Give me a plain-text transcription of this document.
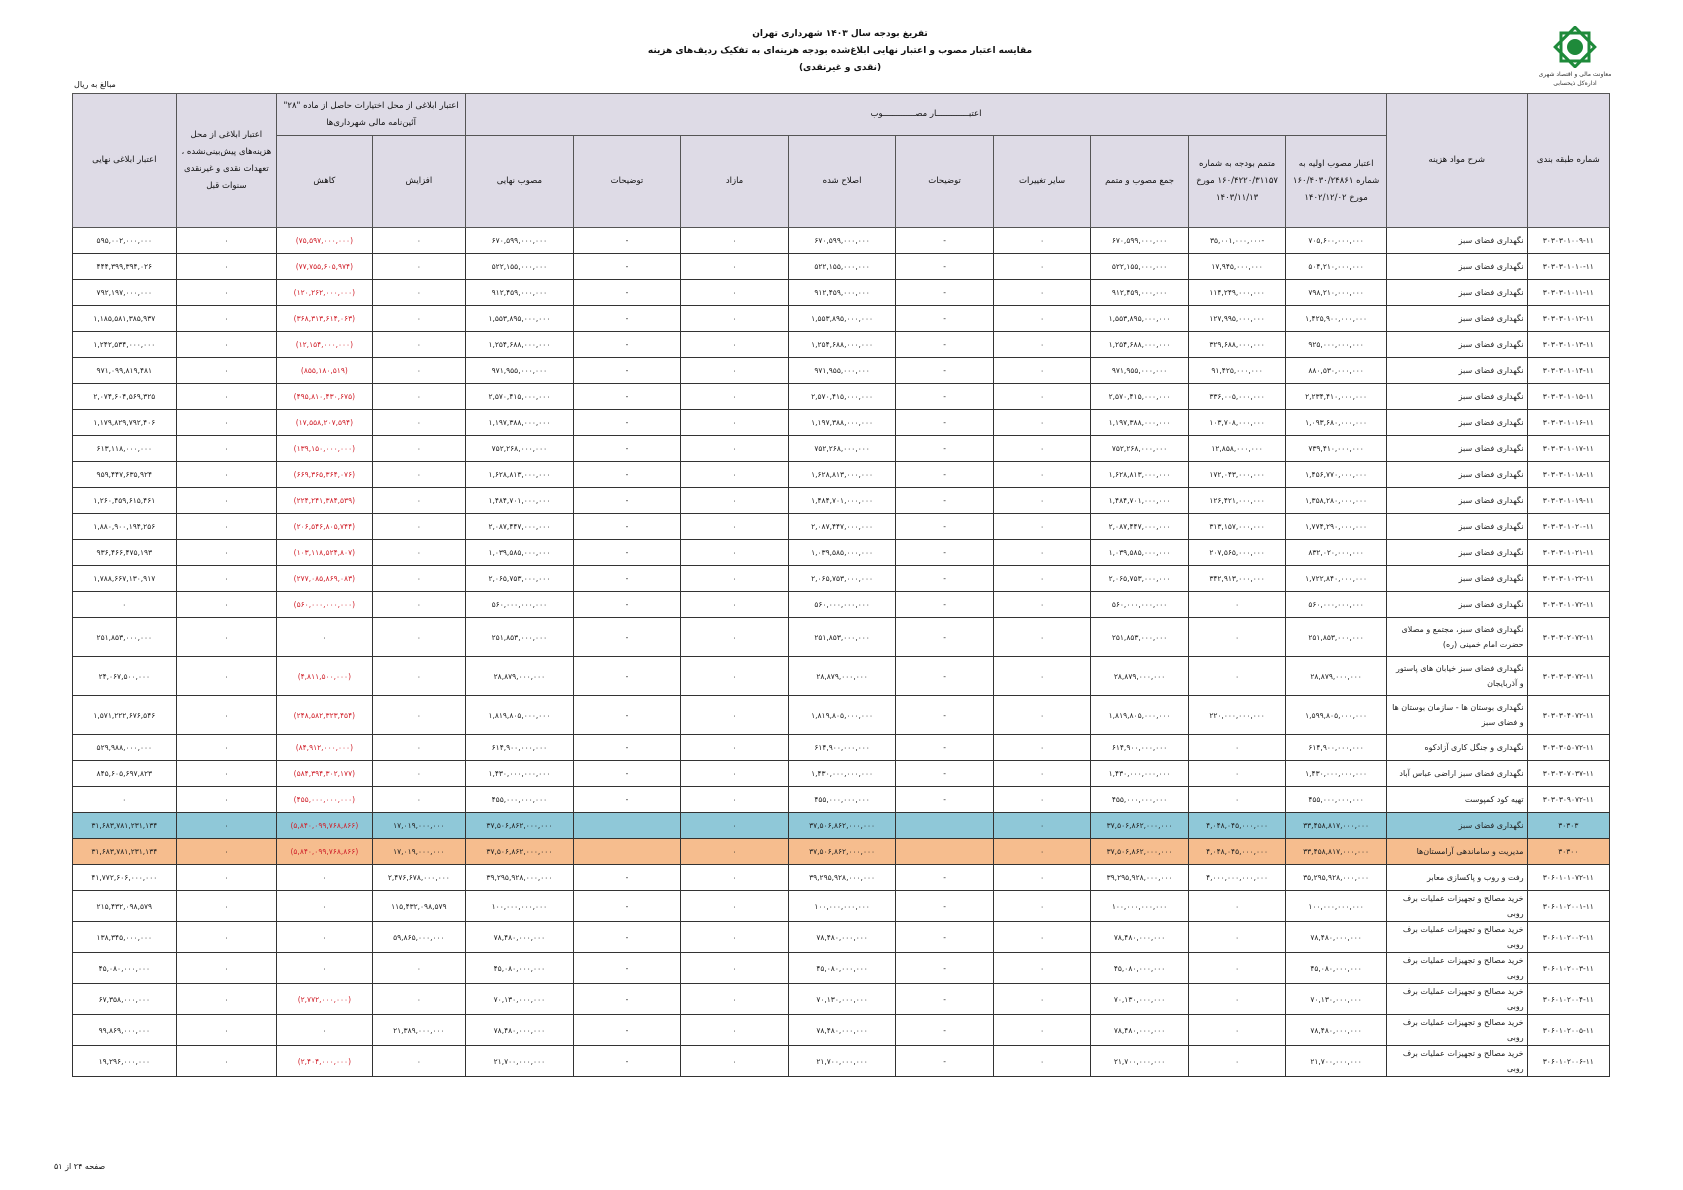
معاونت مالی و اقتصاد شهری
اداره‌کل ذیحسابی
تفریغ بودجه سال ۱۴۰۳ شهرداری تهران
مقایسه اعتبار مصوب و اعتبار نهایی ابلاغ‌شده بودجه هزینه‌ای به تفکیک ردیف‌های هزینه
(نقدی و غیرنقدی)
مبالغ به ریال
شماره طبقه بندی	شرح مواد هزینه	اعتبـــــــــــــار مصـــــــــــــوب									اعتبار ابلاغی از محل اختیارات حاصل از ماده "۲۸" آئین‌نامه مالی شهرداری‌ها		اعتبار ابلاغی از محل هزینه‌های پیش‌بینی‌نشده ، تعهدات نقدی و غیرنقدی سنوات قبل	اعتبار ابلاغی نهایی
		اعتبار مصوب اولیه به شماره ۱۶۰/۴۰۳۰/۲۴۸۶۱ مورخ ۱۴۰۲/۱۲/۰۲	متمم بودجه به شماره ۱۶۰/۴۲۲۰/۳۱۱۵۷ مورخ ۱۴۰۳/۱۱/۱۳	جمع مصوب و متمم	سایر تغییرات	توضیحات	اصلاح شده	مازاد	توضیحات	مصوب نهایی	افزایش	کاهش		
۳۰۳۰۳۰۱۰۰۹-۱۱	نگهداری فضای سبز	۷۰۵,۶۰۰,۰۰۰,۰۰۰	-۳۵,۰۰۱,۰۰۰,۰۰۰	۶۷۰,۵۹۹,۰۰۰,۰۰۰	۰	-	۶۷۰,۵۹۹,۰۰۰,۰۰۰	۰	-	۶۷۰,۵۹۹,۰۰۰,۰۰۰	۰	(۷۵,۵۹۷,۰۰۰,۰۰۰)	۰	۵۹۵,۰۰۲,۰۰۰,۰۰۰
۳۰۳۰۳۰۱۰۱۰-۱۱	نگهداری فضای سبز	۵۰۴,۲۱۰,۰۰۰,۰۰۰	۱۷,۹۴۵,۰۰۰,۰۰۰	۵۲۲,۱۵۵,۰۰۰,۰۰۰	۰	-	۵۲۲,۱۵۵,۰۰۰,۰۰۰	۰	-	۵۲۲,۱۵۵,۰۰۰,۰۰۰	۰	(۷۷,۷۵۵,۶۰۵,۹۷۴)	۰	۴۴۴,۳۹۹,۳۹۴,۰۲۶
۳۰۳۰۳۰۱۰۱۱-۱۱	نگهداری فضای سبز	۷۹۸,۲۱۰,۰۰۰,۰۰۰	۱۱۴,۲۴۹,۰۰۰,۰۰۰	۹۱۲,۴۵۹,۰۰۰,۰۰۰	۰	-	۹۱۲,۴۵۹,۰۰۰,۰۰۰	۰	-	۹۱۲,۴۵۹,۰۰۰,۰۰۰	۰	(۱۲۰,۲۶۲,۰۰۰,۰۰۰)	۰	۷۹۲,۱۹۷,۰۰۰,۰۰۰
۳۰۳۰۳۰۱۰۱۲-۱۱	نگهداری فضای سبز	۱,۴۲۵,۹۰۰,۰۰۰,۰۰۰	۱۲۷,۹۹۵,۰۰۰,۰۰۰	۱,۵۵۳,۸۹۵,۰۰۰,۰۰۰	۰	-	۱,۵۵۳,۸۹۵,۰۰۰,۰۰۰	۰	-	۱,۵۵۳,۸۹۵,۰۰۰,۰۰۰	۰	(۳۶۸,۳۱۳,۶۱۴,۰۶۳)	۰	۱,۱۸۵,۵۸۱,۳۸۵,۹۳۷
۳۰۳۰۳۰۱۰۱۳-۱۱	نگهداری فضای سبز	۹۲۵,۰۰۰,۰۰۰,۰۰۰	۳۲۹,۶۸۸,۰۰۰,۰۰۰	۱,۲۵۴,۶۸۸,۰۰۰,۰۰۰	۰	-	۱,۲۵۴,۶۸۸,۰۰۰,۰۰۰	۰	-	۱,۲۵۴,۶۸۸,۰۰۰,۰۰۰	۰	(۱۲,۱۵۴,۰۰۰,۰۰۰)	۰	۱,۲۴۲,۵۳۴,۰۰۰,۰۰۰
۳۰۳۰۳۰۱۰۱۴-۱۱	نگهداری فضای سبز	۸۸۰,۵۳۰,۰۰۰,۰۰۰	۹۱,۴۲۵,۰۰۰,۰۰۰	۹۷۱,۹۵۵,۰۰۰,۰۰۰	۰	-	۹۷۱,۹۵۵,۰۰۰,۰۰۰	۰	-	۹۷۱,۹۵۵,۰۰۰,۰۰۰	۰	(۸۵۵,۱۸۰,۵۱۹)	۰	۹۷۱,۰۹۹,۸۱۹,۴۸۱
۳۰۳۰۳۰۱۰۱۵-۱۱	نگهداری فضای سبز	۲,۲۳۴,۴۱۰,۰۰۰,۰۰۰	۳۳۶,۰۰۵,۰۰۰,۰۰۰	۲,۵۷۰,۴۱۵,۰۰۰,۰۰۰	۰	-	۲,۵۷۰,۴۱۵,۰۰۰,۰۰۰	۰	-	۲,۵۷۰,۴۱۵,۰۰۰,۰۰۰	۰	(۴۹۵,۸۱۰,۴۳۰,۶۷۵)	۰	۲,۰۷۴,۶۰۴,۵۶۹,۳۲۵
۳۰۳۰۳۰۱۰۱۶-۱۱	نگهداری فضای سبز	۱,۰۹۳,۶۸۰,۰۰۰,۰۰۰	۱۰۳,۷۰۸,۰۰۰,۰۰۰	۱,۱۹۷,۳۸۸,۰۰۰,۰۰۰	۰	-	۱,۱۹۷,۳۸۸,۰۰۰,۰۰۰	۰	-	۱,۱۹۷,۳۸۸,۰۰۰,۰۰۰	۰	(۱۷,۵۵۸,۲۰۷,۵۹۴)	۰	۱,۱۷۹,۸۲۹,۷۹۲,۴۰۶
۳۰۳۰۳۰۱۰۱۷-۱۱	نگهداری فضای سبز	۷۳۹,۴۱۰,۰۰۰,۰۰۰	۱۲,۸۵۸,۰۰۰,۰۰۰	۷۵۲,۲۶۸,۰۰۰,۰۰۰	۰	-	۷۵۲,۲۶۸,۰۰۰,۰۰۰	۰	-	۷۵۲,۲۶۸,۰۰۰,۰۰۰	۰	(۱۳۹,۱۵۰,۰۰۰,۰۰۰)	۰	۶۱۳,۱۱۸,۰۰۰,۰۰۰
۳۰۳۰۳۰۱۰۱۸-۱۱	نگهداری فضای سبز	۱,۴۵۶,۷۷۰,۰۰۰,۰۰۰	۱۷۲,۰۴۳,۰۰۰,۰۰۰	۱,۶۲۸,۸۱۳,۰۰۰,۰۰۰	۰	-	۱,۶۲۸,۸۱۳,۰۰۰,۰۰۰	۰	-	۱,۶۲۸,۸۱۳,۰۰۰,۰۰۰	۰	(۶۶۹,۳۶۵,۳۶۴,۰۷۶)	۰	۹۵۹,۴۴۷,۶۳۵,۹۲۴
۳۰۳۰۳۰۱۰۱۹-۱۱	نگهداری فضای سبز	۱,۳۵۸,۲۸۰,۰۰۰,۰۰۰	۱۲۶,۴۲۱,۰۰۰,۰۰۰	۱,۴۸۴,۷۰۱,۰۰۰,۰۰۰	۰	-	۱,۴۸۴,۷۰۱,۰۰۰,۰۰۰	۰	-	۱,۴۸۴,۷۰۱,۰۰۰,۰۰۰	۰	(۲۲۴,۲۴۱,۳۸۴,۵۳۹)	۰	۱,۲۶۰,۴۵۹,۶۱۵,۴۶۱
۳۰۳۰۳۰۱۰۲۰-۱۱	نگهداری فضای سبز	۱,۷۷۴,۲۹۰,۰۰۰,۰۰۰	۳۱۳,۱۵۷,۰۰۰,۰۰۰	۲,۰۸۷,۴۴۷,۰۰۰,۰۰۰	۰	-	۲,۰۸۷,۴۴۷,۰۰۰,۰۰۰	۰	-	۲,۰۸۷,۴۴۷,۰۰۰,۰۰۰	۰	(۲۰۶,۵۴۶,۸۰۵,۷۴۴)	۰	۱,۸۸۰,۹۰۰,۱۹۴,۲۵۶
۳۰۳۰۳۰۱۰۲۱-۱۱	نگهداری فضای سبز	۸۳۲,۰۲۰,۰۰۰,۰۰۰	۲۰۷,۵۶۵,۰۰۰,۰۰۰	۱,۰۳۹,۵۸۵,۰۰۰,۰۰۰	۰	-	۱,۰۳۹,۵۸۵,۰۰۰,۰۰۰	۰	-	۱,۰۳۹,۵۸۵,۰۰۰,۰۰۰	۰	(۱۰۳,۱۱۸,۵۲۴,۸۰۷)	۰	۹۳۶,۴۶۶,۴۷۵,۱۹۳
۳۰۳۰۳۰۱۰۲۲-۱۱	نگهداری فضای سبز	۱,۷۲۲,۸۴۰,۰۰۰,۰۰۰	۳۴۲,۹۱۳,۰۰۰,۰۰۰	۲,۰۶۵,۷۵۳,۰۰۰,۰۰۰	۰	-	۲,۰۶۵,۷۵۳,۰۰۰,۰۰۰	۰	-	۲,۰۶۵,۷۵۳,۰۰۰,۰۰۰	۰	(۲۷۷,۰۸۵,۸۶۹,۰۸۳)	۰	۱,۷۸۸,۶۶۷,۱۳۰,۹۱۷
۳۰۳۰۳۰۱۰۷۲-۱۱	نگهداری فضای سبز	۵۶۰,۰۰۰,۰۰۰,۰۰۰	۰	۵۶۰,۰۰۰,۰۰۰,۰۰۰	۰	-	۵۶۰,۰۰۰,۰۰۰,۰۰۰	۰	-	۵۶۰,۰۰۰,۰۰۰,۰۰۰	۰	(۵۶۰,۰۰۰,۰۰۰,۰۰۰)	۰	۰
۳۰۳۰۳۰۲۰۷۲-۱۱	نگهداری فضای سبز، مجتمع و مصلای حضرت امام خمینی (ره)	۲۵۱,۸۵۳,۰۰۰,۰۰۰	۰	۲۵۱,۸۵۳,۰۰۰,۰۰۰	۰	-	۲۵۱,۸۵۳,۰۰۰,۰۰۰	۰	-	۲۵۱,۸۵۳,۰۰۰,۰۰۰	۰	۰	۰	۲۵۱,۸۵۳,۰۰۰,۰۰۰
۳۰۳۰۳۰۳۰۷۲-۱۱	نگهداری فضای سبز خیابان های پاستور و آذربایجان	۲۸,۸۷۹,۰۰۰,۰۰۰	۰	۲۸,۸۷۹,۰۰۰,۰۰۰	۰	-	۲۸,۸۷۹,۰۰۰,۰۰۰	۰	-	۲۸,۸۷۹,۰۰۰,۰۰۰	۰	(۴,۸۱۱,۵۰۰,۰۰۰)	۰	۲۴,۰۶۷,۵۰۰,۰۰۰
۳۰۳۰۳۰۴۰۷۲-۱۱	نگهداری بوستان ها - سازمان بوستان ها و فضای سبز	۱,۵۹۹,۸۰۵,۰۰۰,۰۰۰	۲۲۰,۰۰۰,۰۰۰,۰۰۰	۱,۸۱۹,۸۰۵,۰۰۰,۰۰۰	۰	-	۱,۸۱۹,۸۰۵,۰۰۰,۰۰۰	۰	-	۱,۸۱۹,۸۰۵,۰۰۰,۰۰۰	۰	(۲۴۸,۵۸۲,۳۲۳,۴۵۴)	۰	۱,۵۷۱,۲۲۲,۶۷۶,۵۴۶
۳۰۳۰۳۰۵۰۷۲-۱۱	نگهداری و جنگل کاری آزادکوه	۶۱۴,۹۰۰,۰۰۰,۰۰۰	۰	۶۱۴,۹۰۰,۰۰۰,۰۰۰	۰	-	۶۱۴,۹۰۰,۰۰۰,۰۰۰	۰	-	۶۱۴,۹۰۰,۰۰۰,۰۰۰	۰	(۸۴,۹۱۲,۰۰۰,۰۰۰)	۰	۵۲۹,۹۸۸,۰۰۰,۰۰۰
۳۰۳۰۳۰۷۰۳۷-۱۱	نگهداری فضای سبز اراضی عباس آباد	۱,۴۳۰,۰۰۰,۰۰۰,۰۰۰	۰	۱,۴۳۰,۰۰۰,۰۰۰,۰۰۰	۰	-	۱,۴۳۰,۰۰۰,۰۰۰,۰۰۰	۰	-	۱,۴۳۰,۰۰۰,۰۰۰,۰۰۰	۰	(۵۸۴,۳۹۴,۳۰۲,۱۷۷)	۰	۸۴۵,۶۰۵,۶۹۷,۸۲۳
۳۰۳۰۳۰۹۰۷۲-۱۱	تهیه کود کمپوست	۴۵۵,۰۰۰,۰۰۰,۰۰۰	۰	۴۵۵,۰۰۰,۰۰۰,۰۰۰	۰	-	۴۵۵,۰۰۰,۰۰۰,۰۰۰	۰	-	۴۵۵,۰۰۰,۰۰۰,۰۰۰	۰	(۴۵۵,۰۰۰,۰۰۰,۰۰۰)	۰	۰
۳۰۳۰۳	نگهداری فضای سبز	۳۳,۴۵۸,۸۱۷,۰۰۰,۰۰۰	۴,۰۴۸,۰۴۵,۰۰۰,۰۰۰	۳۷,۵۰۶,۸۶۲,۰۰۰,۰۰۰	۰		۳۷,۵۰۶,۸۶۲,۰۰۰,۰۰۰	۰		۳۷,۵۰۶,۸۶۲,۰۰۰,۰۰۰	۱۷,۰۱۹,۰۰۰,۰۰۰	(۵,۸۴۰,۰۹۹,۷۶۸,۸۶۶)	۰	۳۱,۶۸۳,۷۸۱,۲۳۱,۱۳۴
۳۰۳۰۰	مدیریت و ساماندهی آرامستان‌ها	۳۳,۴۵۸,۸۱۷,۰۰۰,۰۰۰	۴,۰۴۸,۰۴۵,۰۰۰,۰۰۰	۳۷,۵۰۶,۸۶۲,۰۰۰,۰۰۰	۰		۳۷,۵۰۶,۸۶۲,۰۰۰,۰۰۰	۰		۳۷,۵۰۶,۸۶۲,۰۰۰,۰۰۰	۱۷,۰۱۹,۰۰۰,۰۰۰	(۵,۸۴۰,۰۹۹,۷۶۸,۸۶۶)	۰	۳۱,۶۸۳,۷۸۱,۲۳۱,۱۳۴
۳۰۶۰۱۰۱۰۷۲-۱۱	رفت و روب و پاکسازی معابر	۳۵,۲۹۵,۹۲۸,۰۰۰,۰۰۰	۴,۰۰۰,۰۰۰,۰۰۰,۰۰۰	۳۹,۲۹۵,۹۲۸,۰۰۰,۰۰۰	۰	-	۳۹,۲۹۵,۹۲۸,۰۰۰,۰۰۰	۰	-	۳۹,۲۹۵,۹۲۸,۰۰۰,۰۰۰	۲,۴۷۶,۶۷۸,۰۰۰,۰۰۰	۰	۰	۴۱,۷۷۲,۶۰۶,۰۰۰,۰۰۰
۳۰۶۰۱۰۲۰۰۱-۱۱	خرید مصالح و تجهیزات عملیات برف روبی	۱۰۰,۰۰۰,۰۰۰,۰۰۰	۰	۱۰۰,۰۰۰,۰۰۰,۰۰۰	۰	-	۱۰۰,۰۰۰,۰۰۰,۰۰۰	۰	-	۱۰۰,۰۰۰,۰۰۰,۰۰۰	۱۱۵,۴۳۲,۰۹۸,۵۷۹	۰	۰	۲۱۵,۴۳۲,۰۹۸,۵۷۹
۳۰۶۰۱۰۲۰۰۲-۱۱	خرید مصالح و تجهیزات عملیات برف روبی	۷۸,۴۸۰,۰۰۰,۰۰۰	۰	۷۸,۴۸۰,۰۰۰,۰۰۰	۰	-	۷۸,۴۸۰,۰۰۰,۰۰۰	۰	-	۷۸,۴۸۰,۰۰۰,۰۰۰	۵۹,۸۶۵,۰۰۰,۰۰۰	۰	۰	۱۳۸,۳۴۵,۰۰۰,۰۰۰
۳۰۶۰۱۰۲۰۰۳-۱۱	خرید مصالح و تجهیزات عملیات برف روبی	۴۵,۰۸۰,۰۰۰,۰۰۰	۰	۴۵,۰۸۰,۰۰۰,۰۰۰	۰	-	۴۵,۰۸۰,۰۰۰,۰۰۰	۰	-	۴۵,۰۸۰,۰۰۰,۰۰۰	۰	۰	۰	۴۵,۰۸۰,۰۰۰,۰۰۰
۳۰۶۰۱۰۲۰۰۴-۱۱	خرید مصالح و تجهیزات عملیات برف روبی	۷۰,۱۳۰,۰۰۰,۰۰۰	۰	۷۰,۱۳۰,۰۰۰,۰۰۰	۰	-	۷۰,۱۳۰,۰۰۰,۰۰۰	۰	-	۷۰,۱۳۰,۰۰۰,۰۰۰	۰	(۲,۷۷۲,۰۰۰,۰۰۰)	۰	۶۷,۳۵۸,۰۰۰,۰۰۰
۳۰۶۰۱۰۲۰۰۵-۱۱	خرید مصالح و تجهیزات عملیات برف روبی	۷۸,۴۸۰,۰۰۰,۰۰۰	۰	۷۸,۴۸۰,۰۰۰,۰۰۰	۰	-	۷۸,۴۸۰,۰۰۰,۰۰۰	۰	-	۷۸,۴۸۰,۰۰۰,۰۰۰	۲۱,۳۸۹,۰۰۰,۰۰۰	۰	۰	۹۹,۸۶۹,۰۰۰,۰۰۰
۳۰۶۰۱۰۲۰۰۶-۱۱	خرید مصالح و تجهیزات عملیات برف روبی	۲۱,۷۰۰,۰۰۰,۰۰۰	۰	۲۱,۷۰۰,۰۰۰,۰۰۰	۰	-	۲۱,۷۰۰,۰۰۰,۰۰۰	۰	-	۲۱,۷۰۰,۰۰۰,۰۰۰	۰	(۲,۴۰۴,۰۰۰,۰۰۰)	۰	۱۹,۲۹۶,۰۰۰,۰۰۰
صفحه ۲۴ از ۵۱
